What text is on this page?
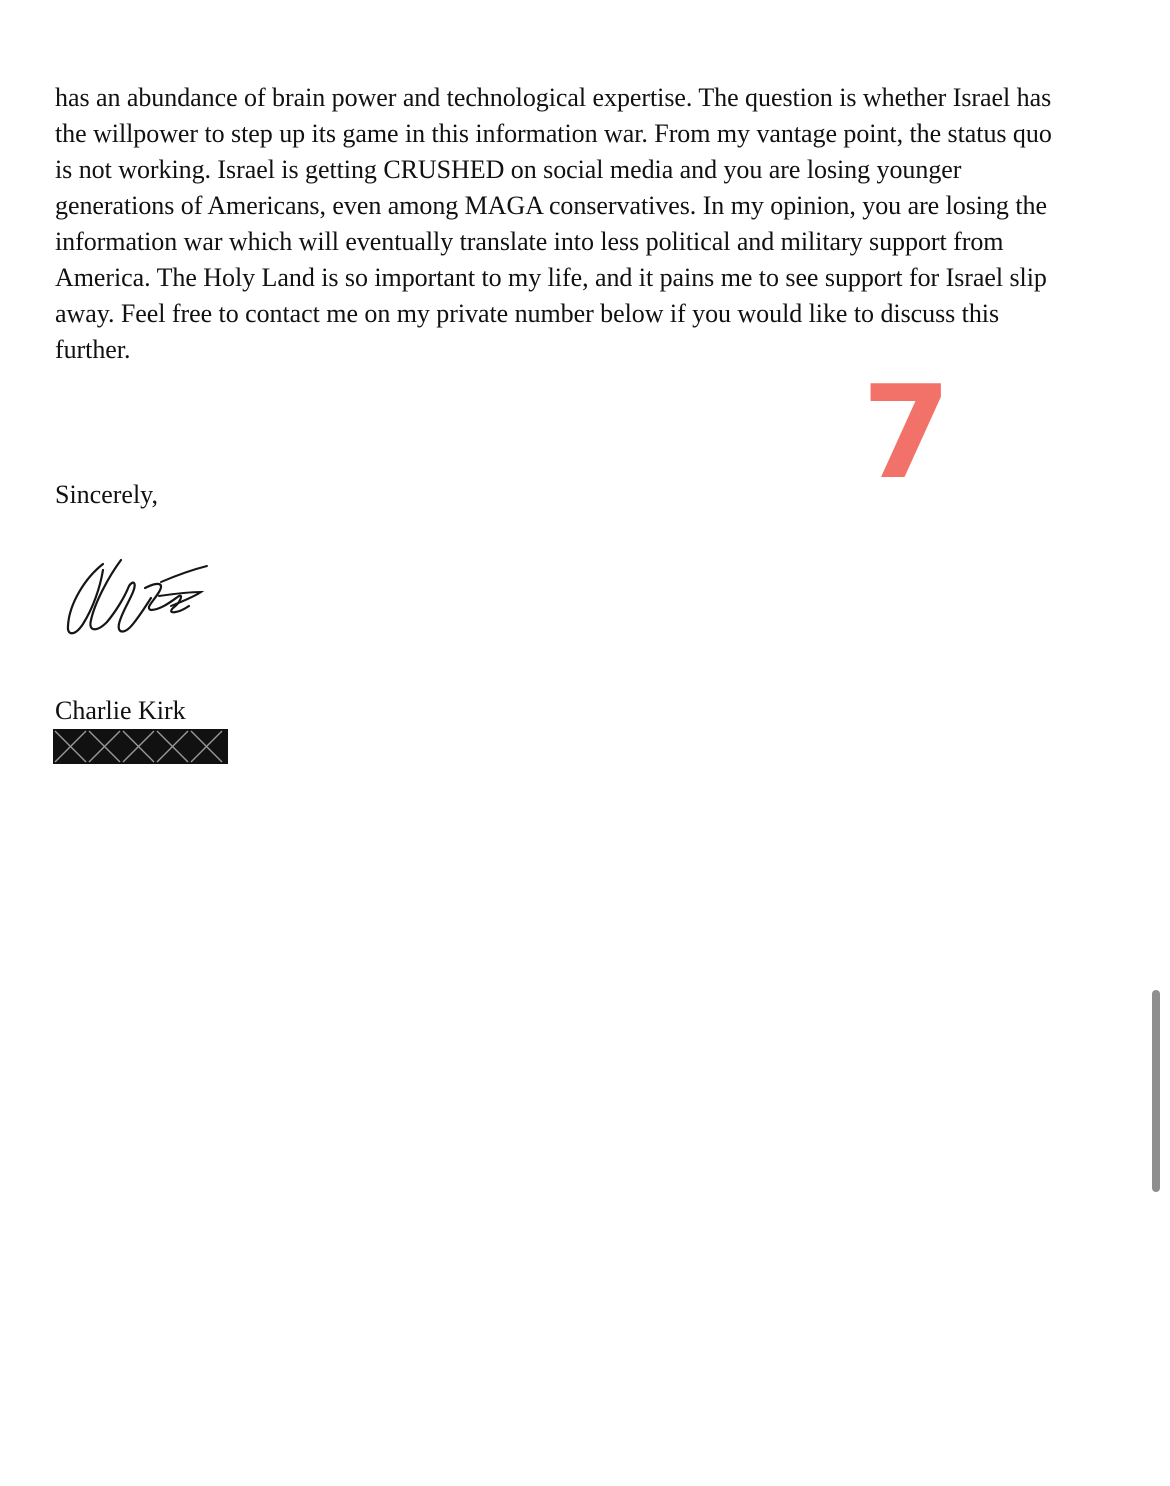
has an abundance of brain power and technological expertise. The question is whether Israel has
the willpower to step up its game in this information war. From my vantage point, the status quo
is not working. Israel is getting CRUSHED on social media and you are losing younger
generations of Americans, even among MAGA conservatives. In my opinion, you are losing the
information war which will eventually translate into less political and military support from
America. The Holy Land is so important to my life, and it pains me to see support for Israel slip
away. Feel free to contact me on my private number below if you would like to discuss this
further.
7
Sincerely,
Charlie Kirk
